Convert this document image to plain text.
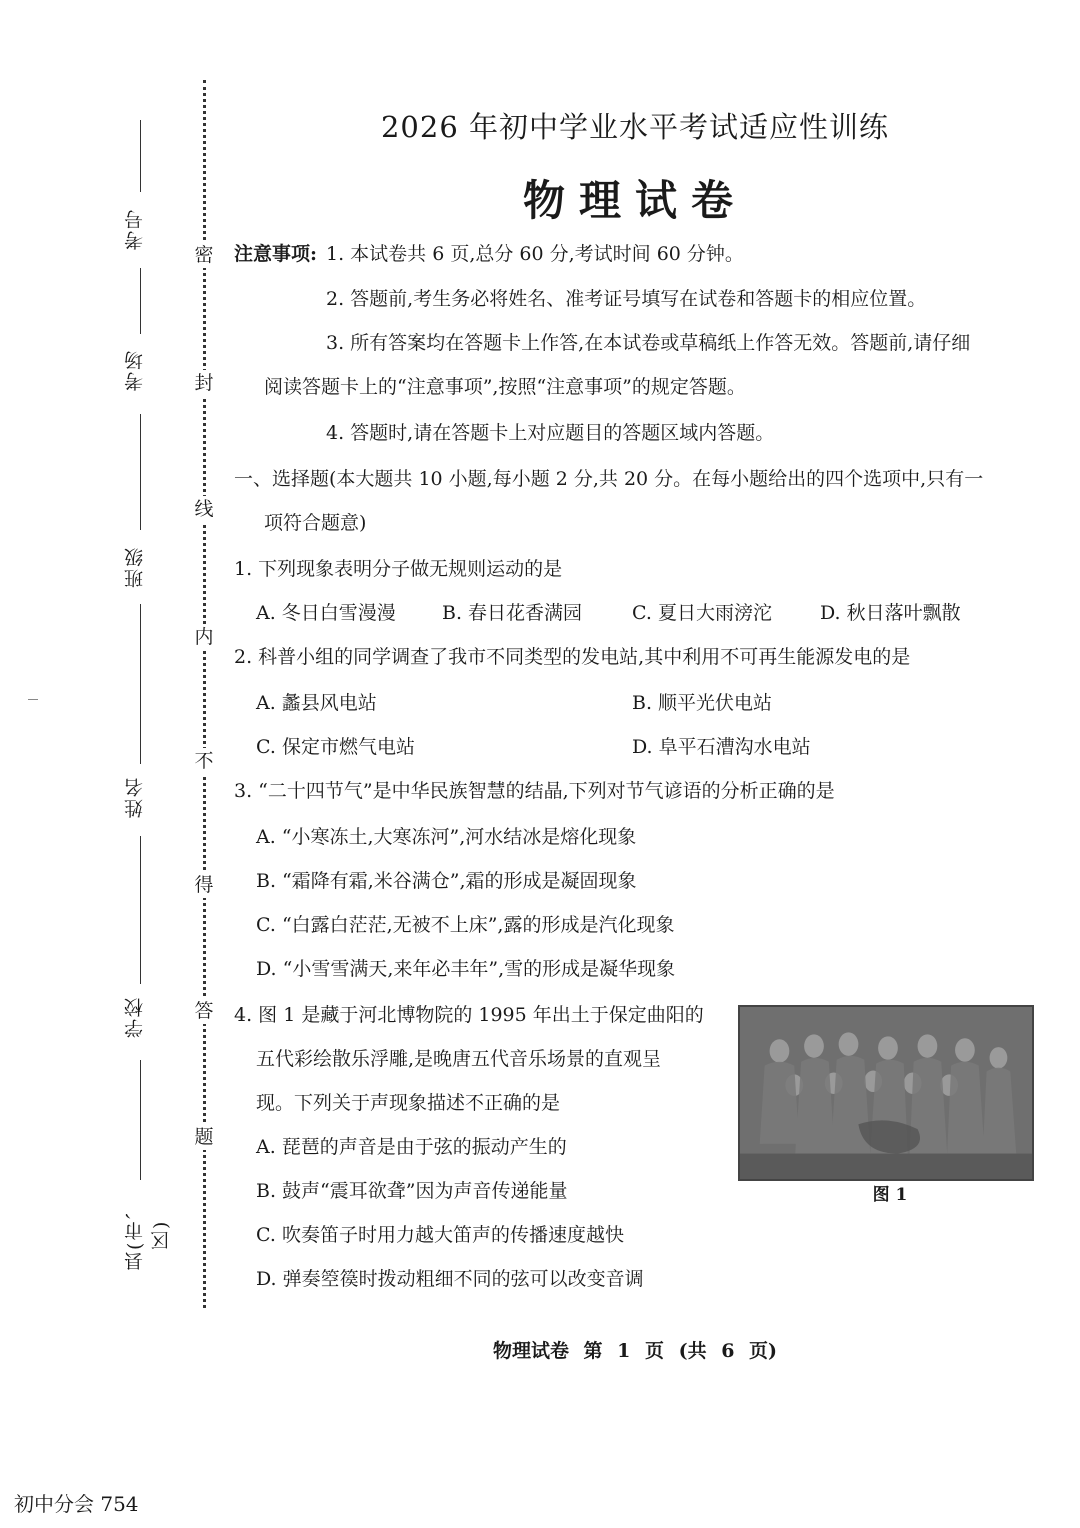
密
封
线
内
不
得
答
题
考号
考场
班级
姓名
学校
县(市、区)
2026 年初中学业水平考试适应性训练
物理试卷
注意事项: 1. 本试卷共 6 页,总分 60 分,考试时间 60 分钟。
2. 答题前,考生务必将姓名、准考证号填写在试卷和答题卡的相应位置。
3. 所有答案均在答题卡上作答,在本试卷或草稿纸上作答无效。答题前,请仔细
阅读答题卡上的“注意事项”,按照“注意事项”的规定答题。
4. 答题时,请在答题卡上对应题目的答题区域内答题。
一、选择题(本大题共 10 小题,每小题 2 分,共 20 分。在每小题给出的四个选项中,只有一
项符合题意)
1. 下列现象表明分子做无规则运动的是
A. 冬日白雪漫漫 B. 春日花香满园	C. 夏日大雨滂沱	D. 秋日落叶飘散
2. 科普小组的同学调查了我市不同类型的发电站,其中利用不可再生能源发电的是
A. 蠡县风电站	B. 顺平光伏电站
C. 保定市燃气电站	D. 阜平石漕沟水电站
3. “二十四节气”是中华民族智慧的结晶,下列对节气谚语的分析正确的是
A. “小寒冻土,大寒冻河”,河水结冰是熔化现象
B. “霜降有霜,米谷满仓”,霜的形成是凝固现象
C. “白露白茫茫,无被不上床”,露的形成是汽化现象
D. “小雪雪满天,来年必丰年”,雪的形成是凝华现象
4. 图 1 是藏于河北博物院的 1995 年出土于保定曲阳的
五代彩绘散乐浮雕,是晚唐五代音乐场景的直观呈
现。下列关于声现象描述不正确的是
A. 琵琶的声音是由于弦的振动产生的
B. 鼓声“震耳欲聋”因为声音传递能量
C. 吹奏笛子时用力越大笛声的传播速度越快
D. 弹奏箜篌时拨动粗细不同的弦可以改变音调
图 1
物理试卷 第 1 页 (共 6 页)
初中分会 754
